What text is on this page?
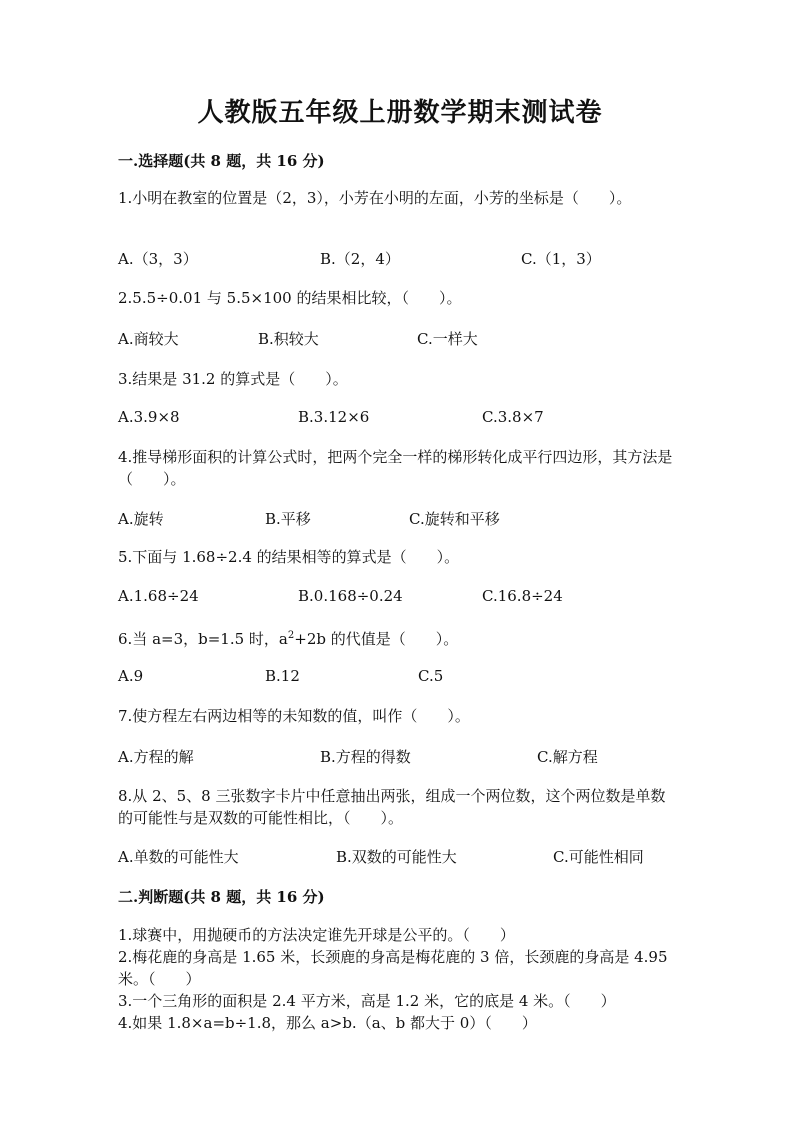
人教版五年级上册数学期末测试卷
一.选择题(共 8 题，共 16 分)
1.小明在教室的位置是（2，3），小芳在小明的左面，小芳的坐标是（　　）。
A.（3，3）	B.（2，4）	C.（1，3）
2.5.5÷0.01 与 5.5×100 的结果相比较，（　　）。
A.商较大	B.积较大	C.一样大
3.结果是 31.2 的算式是（　　）。
A.3.9×8	B.3.12×6	C.3.8×7
4.推导梯形面积的计算公式时，把两个完全一样的梯形转化成平行四边形，其方法是（　　）。
A.旋转	B.平移	C.旋转和平移
5.下面与 1.68÷2.4 的结果相等的算式是（　　）。
A.1.68÷24	B.0.168÷0.24	C.16.8÷24
6.当 a=3，b=1.5 时，$a^2+2b$ 的代值是（　　）。
A.9	B.12	C.5
7.使方程左右两边相等的未知数的值，叫作（　　）。
A.方程的解	B.方程的得数	C.解方程
8.从 2、5、8 三张数字卡片中任意抽出两张，组成一个两位数，这个两位数是单数的可能性与是双数的可能性相比，（　　）。
A.单数的可能性大	B.双数的可能性大	C.可能性相同
二.判断题(共 8 题，共 16 分)
1.球赛中，用抛硬币的方法决定谁先开球是公平的。（　　）
2.梅花鹿的身高是 1.65 米，长颈鹿的身高是梅花鹿的 3 倍，长颈鹿的身高是 4.95 米。（　　）
3.一个三角形的面积是 2.4 平方米，高是 1.2 米，它的底是 4 米。（　　）
4.如果 1.8×a=b÷1.8，那么 a>b.（a、b 都大于 0）（　　）
